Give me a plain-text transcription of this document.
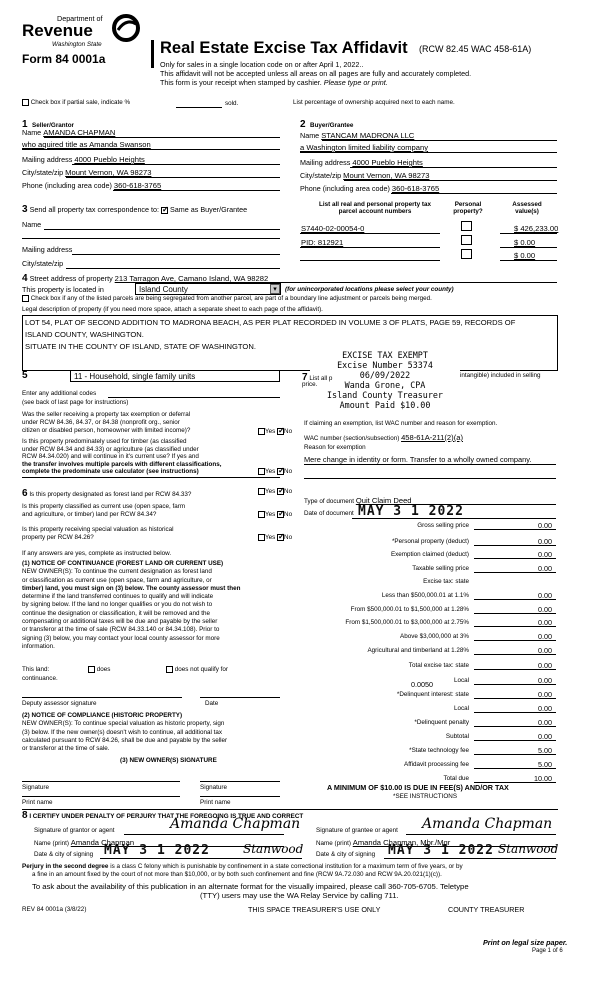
Department of
Revenue
Washington State
Form 84 0001a
Real Estate Excise Tax Affidavit (RCW 82.45 WAC 458-61A)
Only for sales in a single location code on or after April 1, 2022..
This affidavit will not be accepted unless all areas on all pages are fully and accurately completed.
This form is your receipt when stamped by cashier. Please type or print.
Check box if partial sale, indicate %	sold.	List percentage of ownership acquired next to each name.
1 Seller/Grantor
Name AMANDA CHAPMAN
who aquired title as Amanda Swanson
Mailing address 4000 Pueblo Heights
City/state/zip Mount Vernon, WA 98273
Phone (including area code) 360-618-3765
2 Buyer/Grantee
Name STANCAM MADRONA LLC
a Washington limited liability company
Mailing address 4000 Pueblo Heights
City/state/zip Mount Vernon, WA 98273
Phone (including area code) 360-618-3765
3 Send all property tax correspondence to: ✓ Same as Buyer/Grantee
Name
Mailing address
City/state/zip
List all real and personal property tax
parcel account numbers
Personal
property?
Assessed
value(s)
S7440-02-00054-0	$ 426,233.00
PID: 812921	$ 0.00
$ 0.00
4 Street address of property 213 Tarragon Ave, Camano Island, WA 98282
This property is located in	Island County	▾	(for unincorporated locations please select your county)
Check box if any of the listed parcels are being segregated from another parcel, are part of a boundary line adjustment or parcels being merged.
Legal description of property (if you need more space, attach a separate sheet to each page of the affidavit).
LOT 54, PLAT OF SECOND ADDITION TO MADRONA BEACH, AS PER PLAT RECORDED IN VOLUME 3 OF PLATS, PAGE 59, RECORDS OF
ISLAND COUNTY, WASHINGTON.
SITUATE IN THE COUNTY OF ISLAND, STATE OF WASHINGTON.
EXCISE TAX EXEMPT
Excise Number 53374
06/09/2022
Wanda Grone, CPA
Island County Treasurer
Amount Paid $10.00
5	11 - Household, single family units
Enter any additional codes
(see back of last page for instructions)
Was the seller receiving a property tax exemption or deferral
under RCW 84.36, 84.37, or 84.38 (nonprofit org., senior
citizen or disabled person, homeowner with limited income)?	Yes ✓ No
Is this property predominately used for timber (as classified
under RCW 84.34 and 84.33) or agriculture (as classified under
RCW 84.34.020) and will continue in it's current use? If yes and
the transfer involves multiple parcels with different classifications,
complete the predominate use calculator (see instructions)	Yes ✓ No
7 List all p
price.
intangible) included in selling
If claiming an exemption, list WAC number and reason for exemption.
WAC number (section/subsection) 458-61A-211(2)(a)
Reason for exemption
Mere change in identity or form. Transfer to a wholly owned company.
6 Is this property designated as forest land per RCW 84.33?	Yes ✓ No
Is this property classified as current use (open space, farm
and agriculture, or timber) land per RCW 84.34?	Yes ✓ No
Is this property receiving special valuation as historical
property per RCW 84.26?	Yes ✓ No
If any answers are yes, complete as instructed below.
(1) NOTICE OF CONTINUANCE (FOREST LAND OR CURRENT USE)
NEW OWNER(S): To continue the current designation as forest land
or classification as current use (open space, farm and agriculture, or
timber) land, you must sign on (3) below. The county assessor must then
determine if the land transferred continues to qualify and will indicate
by signing below. If the land no longer qualifies or you do not wish to
continue the designation or classification, it will be removed and the
compensating or additional taxes will be due and payable by the seller
or transferor at the time of sale (RCW 84.33.140 or 84.34.108). Prior to
signing (3) below, you may contact your local county assessor for more
information.
This land:
continuance.
does	does not qualify for
Deputy assessor signature	Date
(2) NOTICE OF COMPLIANCE (HISTORIC PROPERTY)
NEW OWNER(S): To continue special valuation as historic property, sign
(3) below. If the new owner(s) doesn't wish to continue, all additional tax
calculated pursuant to RCW 84.26, shall be due and payable by the seller
or transferor at the time of sale.
(3) NEW OWNER(S) SIGNATURE
Signature	Signature
Print name	Print name
Type of document Quit Claim Deed
Date of document MAY 3 1 2022
Gross selling price	0.00
*Personal property (deduct)	0.00
Exemption claimed (deduct)	0.00
Taxable selling price	0.00
Excise tax: state
Less than $500,000.01 at 1.1%	0.00
From $500,000.01 to $1,500,000 at 1.28%	0.00
From $1,500,000.01 to $3,000,000 at 2.75%	0.00
Above $3,000,000 at 3%	0.00
Agricultural and timberland at 1.28%	0.00
Total excise tax: state	0.00
Local	0.00
*Delinquent interest: state	0.00
Local	0.00
*Delinquent penalty	0.00
Subtotal	0.00
*State technology fee	5.00
Affidavit processing fee	5.00
Total due	10.00
0.0050
A MINIMUM OF $10.00 IS DUE IN FEE(S) AND/OR TAX
*SEE INSTRUCTIONS
8 I CERTIFY UNDER PENALTY OF PERJURY THAT THE FOREGOING IS TRUE AND CORRECT
Signature of grantor or agent	Amanda Chapman
Name (print) Amanda Chapman
Date & city of signing MAY 3 1 2022	Stanwood
Signature of grantee or agent Amanda Chapman
Name (print) Amanda Chapman, Mbr./Mgr
Date & city of signing MAY 3 1 2022 Stanwood
Perjury in the second degree is a class C felony which is punishable by confinement in a state correctional institution for a maximum term of five years, or by
a fine in an amount fixed by the court of not more than $10,000, or by both such confinement and fine (RCW 9A.72.030 and RCW 9A.20.021(1)(c)).
To ask about the availability of this publication in an alternate format for the visually impaired, please call 360-705-6705. Teletype
(TTY) users may use the WA Relay Service by calling 711.
REV 84 0001a (3/8/22)	THIS SPACE TREASURER'S USE ONLY	COUNTY TREASURER
Print on legal size paper.
Page 1 of 6
